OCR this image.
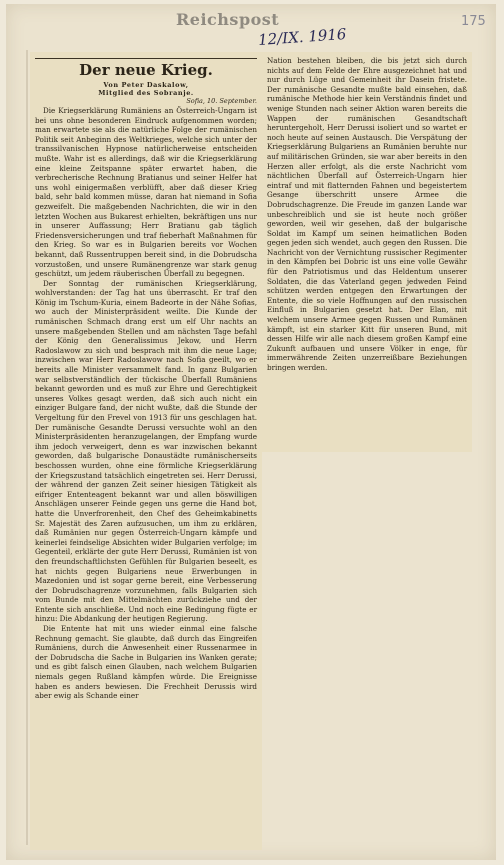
Reichspost
12/IX. 1916
175
Der neue Krieg.
Von Peter Daskalow,
Mitglied des Sobranje.
Sofia, 10. September.

Die Kriegserklärung Rumäniens an Österreich-Ungarn ist bei uns ohne besonderen Eindruck aufgenommen worden; man erwartete sie als die natürliche Folge der rumänischen Politik seit Anbeginn des Weltkrieges, welche sich unter der transsilvanischen Hypnose natürlicherweise entscheiden mußte. Wahr ist es allerdings, daß wir die Kriegserklärung eine kleine Zeitspanne später erwartet haben, die verbrecherische Rechnung Bratianus und seiner Helfer hat uns wohl einigermaßen verblüfft, aber daß dieser Krieg bald, sehr bald kommen müsse, daran hat niemand in Sofia gezweifelt. Die maßgebenden Nachrichten, die wir in den letzten Wochen aus Bukarest erhielten, bekräftigen uns nur in unserer Auffassung; Herr Bratianu gab täglich Friedensversicherungen und traf fieberhaft Maßnahmen für den Krieg. So war es in Bulgarien bereits vor Wochen bekannt, daß Russentruppen bereit sind, in die Dobrudscha vorzustoßen, und unsere Rumänengrenze war stark genug geschützt, um jedem räuberischen Überfall zu begegnen.

Der Sonntag der rumänischen Kriegserklärung, wohlverstanden: der Tag hat uns überrascht. Er traf den König im Tschum-Kuria, einem Badeorte in der Nähe Sofias, wo auch der Ministerpräsident weilte. Die Kunde der rumänischen Schmach drang erst um elf Uhr nachts an unsere maßgebenden Stellen und am nächsten Tage befahl der König den Generalissimus Jekow, und Herrn Radoslawow zu sich und besprach mit ihm die neue Lage; inzwischen war Herr Radoslawow nach Sofia geeilt, wo er bereits alle Minister versammelt fand. In ganz Bulgarien war selbstverständlich der tückische Überfall Rumäniens bekannt geworden und es muß zur Ehre und Gerechtigkeit unseres Volkes gesagt werden, daß sich auch nicht ein einziger Bulgare fand, der nicht wußte, daß die Stunde der Vergeltung für den Frevel von 1913 für uns geschlagen hat. Der rumänische Gesandte Derussi versuchte wohl an den Ministerpräsidenten heranzugelangen, der Empfang wurde ihm jedoch verweigert, denn es war inzwischen bekannt geworden, daß bulgarische Donaustädte rumänischerseits beschossen wurden, ohne eine förmliche Kriegserklärung der Kriegszustand tatsächlich eingetreten sei. Herr Derussi, der während der ganzen Zeit seiner hiesigen Tätigkeit als eifriger Ententeagent bekannt war und allen böswilligen Anschlägen unserer Feinde gegen uns gerne die Hand bot, hatte die Unverfrorenheit, den Chef des Geheimkabinetts Sr. Majestät des Zaren aufzusuchen, um ihm zu erklären, daß Rumänien nur gegen Österreich-Ungarn kämpfe und keinerlei feindselige Absichten wider Bulgarien verfolge; im Gegenteil, erklärte der gute Herr Derussi, Rumänien ist von den freundschaftlichsten Gefühlen für Bulgarien beseelt, es hat nichts gegen Bulgariens neue Erwerbungen in Mazedonien und ist sogar gerne bereit, eine Verbesserung der Dobrudschagrenze vorzunehmen, falls Bulgarien sich vom Bunde mit den Mittelmächten zurückziehe und der Entente sich anschließe. Und noch eine Bedingung fügte er hinzu: Die Abdankung der heutigen Regierung.

Die Entente hat mit uns wieder einmal eine falsche Rechnung gemacht. Sie glaubte, daß durch das Eingreifen Rumäniens, durch die Anwesenheit einer Russenarmee in der Dobrudscha die Sache in Bulgarien ins Wanken gerate; und es gibt falsch einen Glauben, nach welchem Bulgarien niemals gegen Rußland kämpfen würde. Die Ereignisse haben es anders bewiesen. Die Frechheit Derussis wird aber ewig als Schande einer

Nation bestehen bleiben, die bis jetzt sich durch nichts auf dem Felde der Ehre ausgezeichnet hat und nur durch Lüge und Gemeinheit ihr Dasein fristete. Der rumänische Gesandte mußte bald einsehen, daß rumänische Methode hier kein Verständnis findet und wenige Stunden nach seiner Aktion waren bereits die Wappen der rumänischen Gesandtschaft heruntergeholt, Herr Derussi isoliert und so wartet er noch heute auf seinen Austausch. Die Verspätung der Kriegserklärung Bulgariens an Rumänien beruhte nur auf militärischen Gründen, sie war aber bereits in den Herzen aller erfolgt, als die erste Nachricht vom nächtlichen Überfall auf Österreich-Ungarn hier eintraf und mit flatternden Fahnen und begeistertem Gesange überschritt unsere Armee die Dobrudschagrenze. Die Freude im ganzen Lande war unbeschreiblich und sie ist heute noch größer geworden, weil wir gesehen, daß der bulgarische Soldat im Kampf um seinen heimatlichen Boden gegen jeden sich wendet, auch gegen den Russen. Die Nachricht von der Vernichtung russischer Regimenter in den Kämpfen bei Dobric ist uns eine volle Gewähr für den Patriotismus und das Heldentum unserer Soldaten, die das Vaterland gegen jedweden Feind schützen werden entgegen den Erwartungen der Entente, die so viele Hoffnungen auf den russischen Einfluß in Bulgarien gesetzt hat. Der Elan, mit welchem unsere Armee gegen Russen und Rumänen kämpft, ist ein starker Kitt für unseren Bund, mit dessen Hilfe wir alle nach diesem großen Kampf eine Zukunft aufbauen und unsere Völker in enge, für immerwährende Zeiten unzerreißbare Beziehungen bringen werden.
